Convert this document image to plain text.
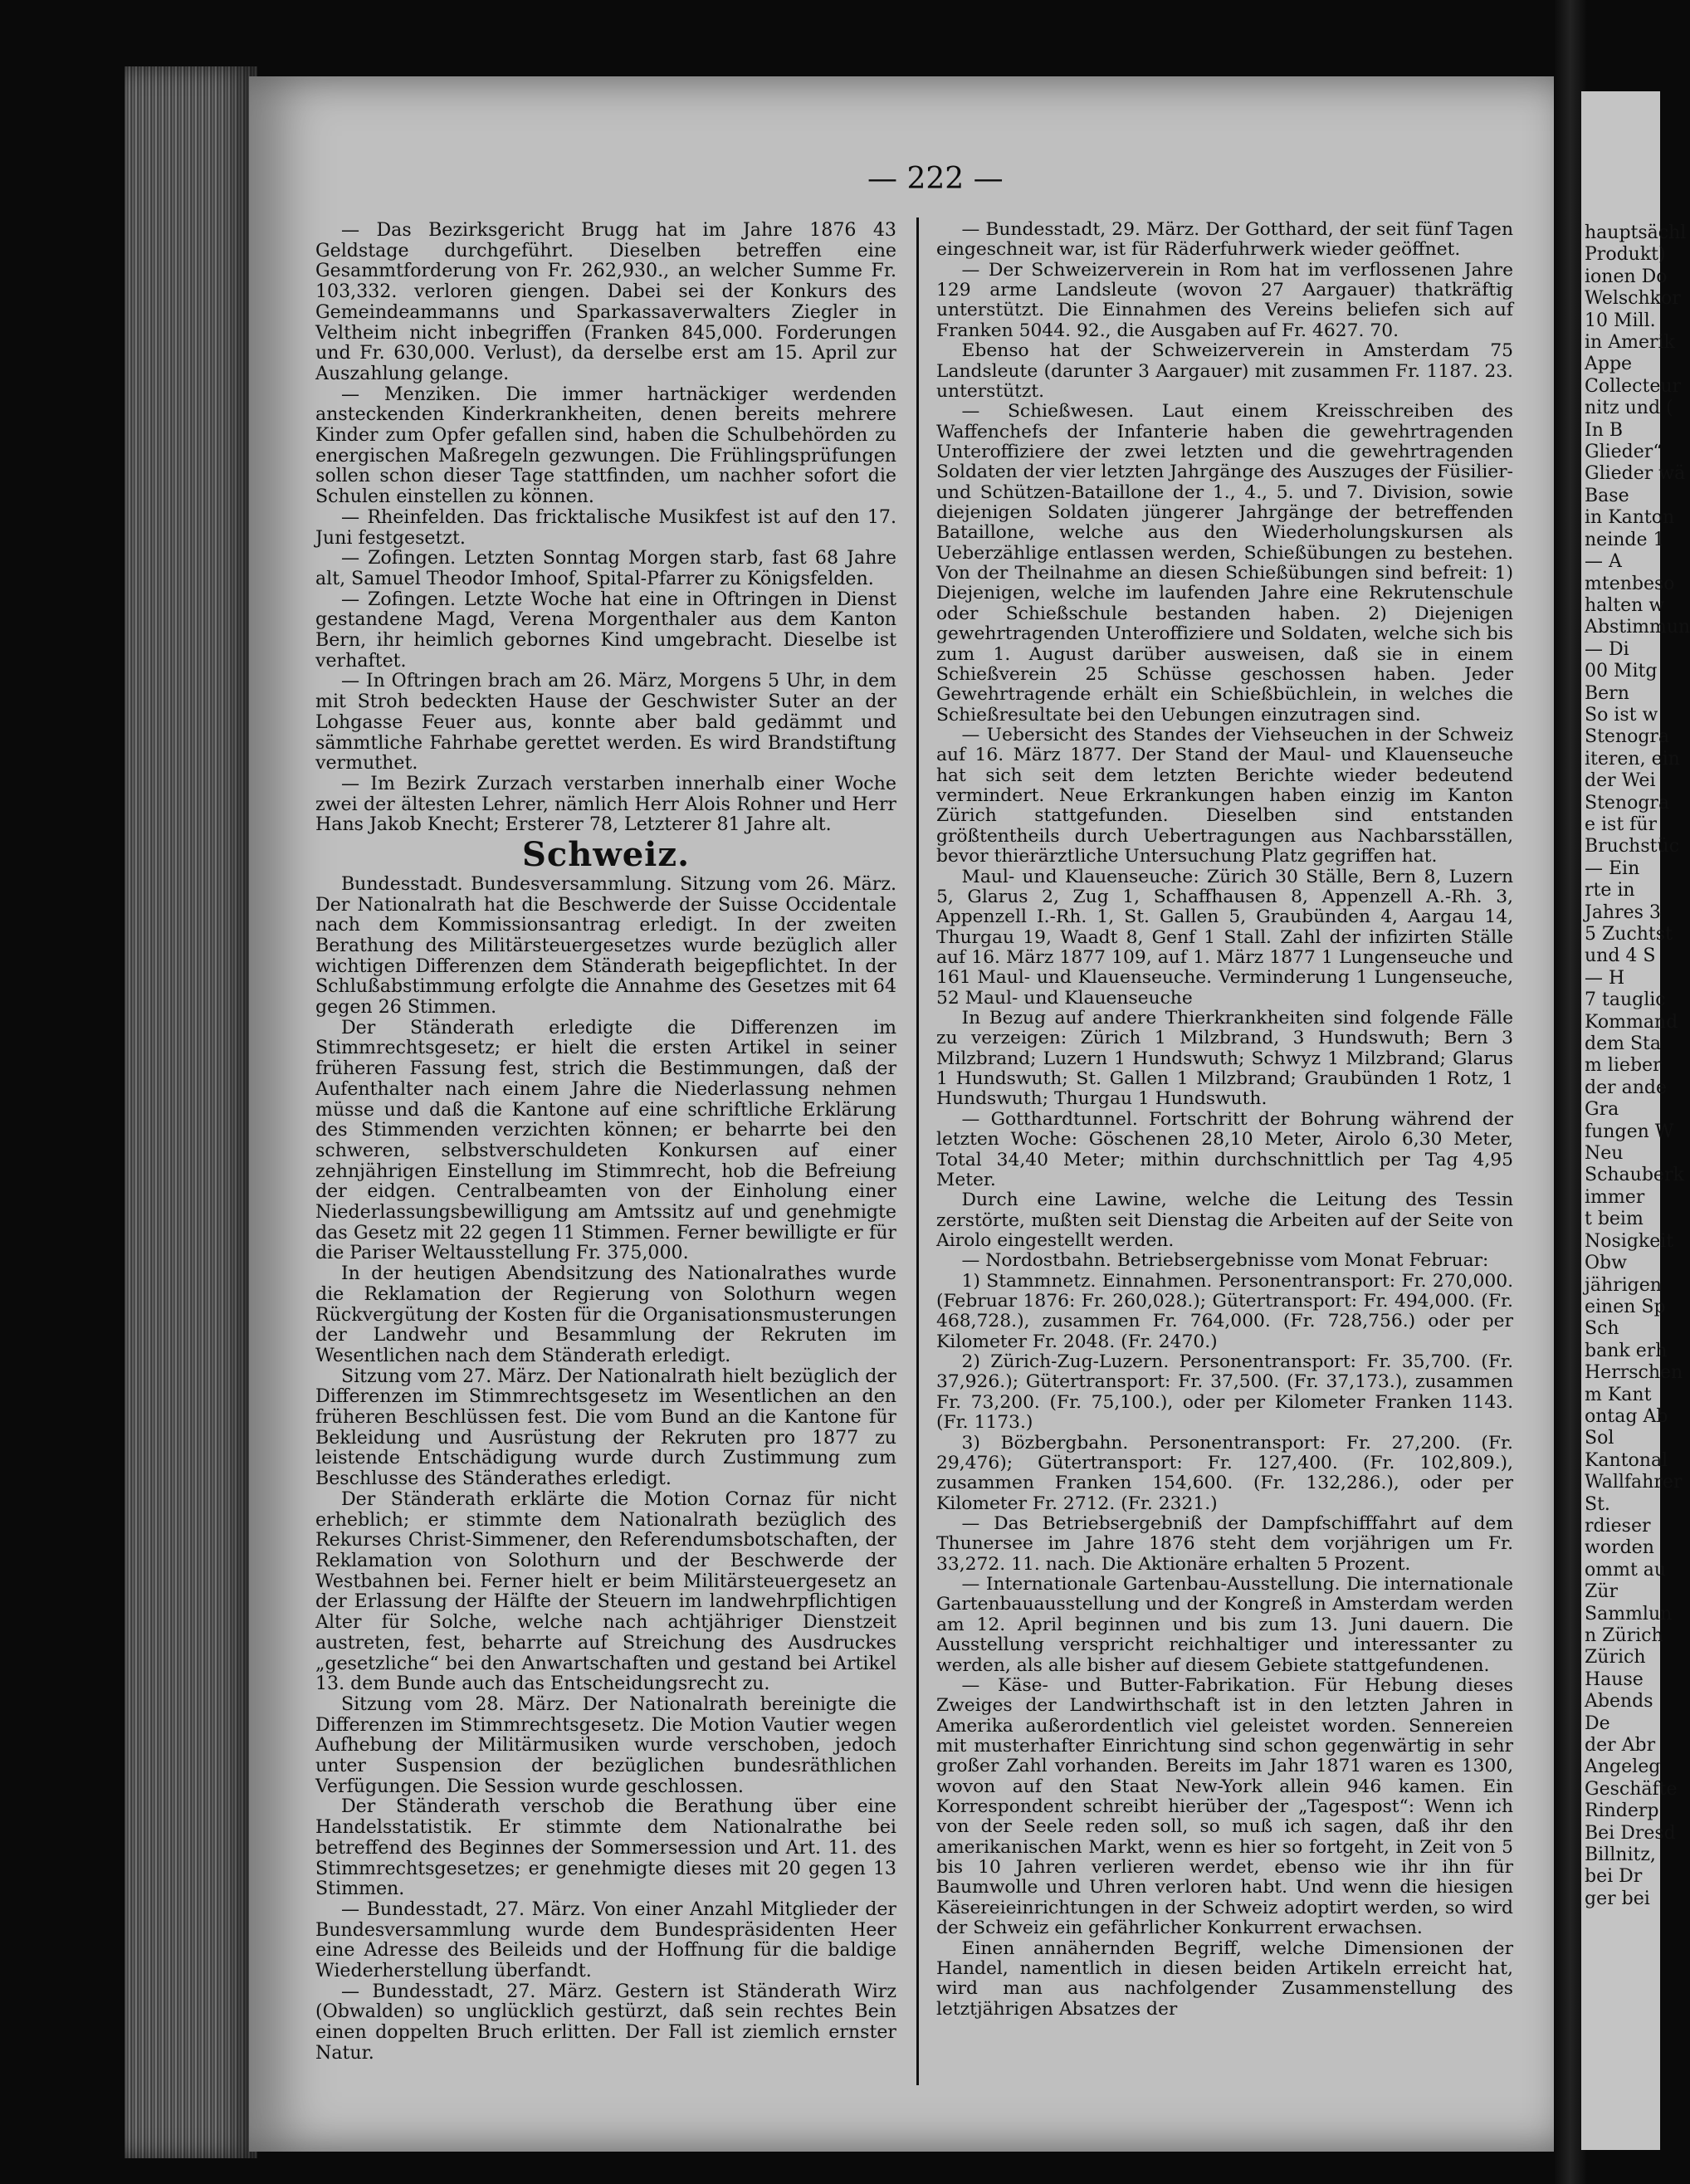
hauptsächl
Produkt)
ionen Do
Welschkor
10 Mill.
in Amerik
Appe
Collecteur
nitz und (
In B
Glieder“
Glieder wä
Base
in Kanton
neinde 1
— A
mtenbeso
halten w
Abstimmun
— Di
00 Mitg
Bern
So ist w
Stenogra
iteren, ein
der Wei
Stenogra
e ist für
Bruchstüc
— Ein
rte in
Jahres 3
5 Zuchtst
und 4 S
— H
7 tauglic
Kommand
dem Sta
m lieber
der ande
Gra
fungen W
Neu
Schauberk
immer
t beim
Nosigkeit
Obw
jährigen
einen Sp
Sch
bank erh
Herrschen
m Kant
ontag Ab
Sol
Kantonal
Wallfahrer
St.
rdieser
worden
ommt au
Zür
Sammlun
n Zürich
Zürich
Hause
Abends
De
der Abr
Angeleg
Geschäfte
Rinderp
Bei Dresd
Billnitz,
bei Dr
ger bei
— 222 —

— Das Bezirksgericht Brugg hat im Jahre 1876 43 Geldstage durchgeführt. Dieselben betreffen eine Gesammtforderung von Fr. 262,930., an welcher Summe Fr. 103,332. verloren giengen. Dabei sei der Konkurs des Gemeindeammanns und Sparkassaverwalters Ziegler in Veltheim nicht inbegriffen (Franken 845,000. Forderungen und Fr. 630,000. Verlust), da derselbe erst am 15. April zur Auszahlung gelange.

— Menziken. Die immer hartnäckiger werdenden ansteckenden Kinderkrankheiten, denen bereits mehrere Kinder zum Opfer gefallen sind, haben die Schulbehörden zu energischen Maßregeln gezwungen. Die Frühlingsprüfungen sollen schon dieser Tage stattfinden, um nachher sofort die Schulen einstellen zu können.

— Rheinfelden. Das fricktalische Musikfest ist auf den 17. Juni festgesetzt.

— Zofingen. Letzten Sonntag Morgen starb, fast 68 Jahre alt, Samuel Theodor Imhoof, Spital-Pfarrer zu Königsfelden.

— Zofingen. Letzte Woche hat eine in Oftringen in Dienst gestandene Magd, Verena Morgenthaler aus dem Kanton Bern, ihr heimlich gebornes Kind umgebracht. Dieselbe ist verhaftet.

— In Oftringen brach am 26. März, Morgens 5 Uhr, in dem mit Stroh bedeckten Hause der Geschwister Suter an der Lohgasse Feuer aus, konnte aber bald gedämmt und sämmtliche Fahrhabe gerettet werden. Es wird Brandstiftung vermuthet.

— Im Bezirk Zurzach verstarben innerhalb einer Woche zwei der ältesten Lehrer, nämlich Herr Alois Rohner und Herr Hans Jakob Knecht; Ersterer 78, Letzterer 81 Jahre alt.

Schweiz.

Bundesstadt. Bundesversammlung. Sitzung vom 26. März. Der Nationalrath hat die Beschwerde der Suisse Occidentale nach dem Kommissionsantrag erledigt. In der zweiten Berathung des Militärsteuergesetzes wurde bezüglich aller wichtigen Differenzen dem Ständerath beigepflichtet. In der Schlußabstimmung erfolgte die Annahme des Gesetzes mit 64 gegen 26 Stimmen.

Der Ständerath erledigte die Differenzen im Stimmrechtsgesetz; er hielt die ersten Artikel in seiner früheren Fassung fest, strich die Bestimmungen, daß der Aufenthalter nach einem Jahre die Niederlassung nehmen müsse und daß die Kantone auf eine schriftliche Erklärung des Stimmenden verzichten können; er beharrte bei den schweren, selbstverschuldeten Konkursen auf einer zehnjährigen Einstellung im Stimmrecht, hob die Befreiung der eidgen. Centralbeamten von der Einholung einer Niederlassungsbewilligung am Amtssitz auf und genehmigte das Gesetz mit 22 gegen 11 Stimmen. Ferner bewilligte er für die Pariser Weltausstellung Fr. 375,000.

In der heutigen Abendsitzung des Nationalrathes wurde die Reklamation der Regierung von Solothurn wegen Rückvergütung der Kosten für die Organisationsmusterungen der Landwehr und Besammlung der Rekruten im Wesentlichen nach dem Ständerath erledigt.

Sitzung vom 27. März. Der Nationalrath hielt bezüglich der Differenzen im Stimmrechtsgesetz im Wesentlichen an den früheren Beschlüssen fest. Die vom Bund an die Kantone für Bekleidung und Ausrüstung der Rekruten pro 1877 zu leistende Entschädigung wurde durch Zustimmung zum Beschlusse des Ständerathes erledigt.

Der Ständerath erklärte die Motion Cornaz für nicht erheblich; er stimmte dem Nationalrath bezüglich des Rekurses Christ-Simmener, den Referendumsbotschaften, der Reklamation von Solothurn und der Beschwerde der Westbahnen bei. Ferner hielt er beim Militärsteuergesetz an der Erlassung der Hälfte der Steuern im landwehrpflichtigen Alter für Solche, welche nach achtjähriger Dienstzeit austreten, fest, beharrte auf Streichung des Ausdruckes „gesetzliche“ bei den Anwartschaften und gestand bei Artikel 13. dem Bunde auch das Entscheidungsrecht zu.

Sitzung vom 28. März. Der Nationalrath bereinigte die Differenzen im Stimmrechtsgesetz. Die Motion Vautier wegen Aufhebung der Militärmusiken wurde verschoben, jedoch unter Suspension der bezüglichen bundesräthlichen Verfügungen. Die Session wurde geschlossen.

Der Ständerath verschob die Berathung über eine Handelsstatistik. Er stimmte dem Nationalrathe bei betreffend des Beginnes der Sommersession und Art. 11. des Stimmrechtsgesetzes; er genehmigte dieses mit 20 gegen 13 Stimmen.

— Bundesstadt, 27. März. Von einer Anzahl Mitglieder der Bundesversammlung wurde dem Bundespräsidenten Heer eine Adresse des Beileids und der Hoffnung für die baldige Wiederherstellung überfandt.

— Bundesstadt, 27. März. Gestern ist Ständerath Wirz (Obwalden) so unglücklich gestürzt, daß sein rechtes Bein einen doppelten Bruch erlitten. Der Fall ist ziemlich ernster Natur.

— Bundesstadt, 29. März. Der Gotthard, der seit fünf Tagen eingeschneit war, ist für Räderfuhrwerk wieder geöffnet.

— Der Schweizerverein in Rom hat im verflossenen Jahre 129 arme Landsleute (wovon 27 Aargauer) thatkräftig unterstützt. Die Einnahmen des Vereins beliefen sich auf Franken 5044. 92., die Ausgaben auf Fr. 4627. 70.

Ebenso hat der Schweizerverein in Amsterdam 75 Landsleute (darunter 3 Aargauer) mit zusammen Fr. 1187. 23. unterstützt.

— Schießwesen. Laut einem Kreisschreiben des Waffenchefs der Infanterie haben die gewehrtragenden Unteroffiziere der zwei letzten und die gewehrtragenden Soldaten der vier letzten Jahrgänge des Auszuges der Füsilier- und Schützen-Bataillone der 1., 4., 5. und 7. Division, sowie diejenigen Soldaten jüngerer Jahrgänge der betreffenden Bataillone, welche aus den Wiederholungskursen als Ueberzählige entlassen werden, Schießübungen zu bestehen. Von der Theilnahme an diesen Schießübungen sind befreit: 1) Diejenigen, welche im laufenden Jahre eine Rekrutenschule oder Schießschule bestanden haben. 2) Diejenigen gewehrtragenden Unteroffiziere und Soldaten, welche sich bis zum 1. August darüber ausweisen, daß sie in einem Schießverein 25 Schüsse geschossen haben. Jeder Gewehrtragende erhält ein Schießbüchlein, in welches die Schießresultate bei den Uebungen einzutragen sind.

— Uebersicht des Standes der Viehseuchen in der Schweiz auf 16. März 1877. Der Stand der Maul- und Klauenseuche hat sich seit dem letzten Berichte wieder bedeutend vermindert. Neue Erkrankungen haben einzig im Kanton Zürich stattgefunden. Dieselben sind entstanden größtentheils durch Uebertragungen aus Nachbarsställen, bevor thierärztliche Untersuchung Platz gegriffen hat.

Maul- und Klauenseuche: Zürich 30 Ställe, Bern 8, Luzern 5, Glarus 2, Zug 1, Schaffhausen 8, Appenzell A.-Rh. 3, Appenzell I.-Rh. 1, St. Gallen 5, Graubünden 4, Aargau 14, Thurgau 19, Waadt 8, Genf 1 Stall. Zahl der infizirten Ställe auf 16. März 1877 109, auf 1. März 1877 1 Lungenseuche und 161 Maul- und Klauenseuche. Verminderung 1 Lungenseuche, 52 Maul- und Klauenseuche

In Bezug auf andere Thierkrankheiten sind folgende Fälle zu verzeigen: Zürich 1 Milzbrand, 3 Hundswuth; Bern 3 Milzbrand; Luzern 1 Hundswuth; Schwyz 1 Milzbrand; Glarus 1 Hundswuth; St. Gallen 1 Milzbrand; Graubünden 1 Rotz, 1 Hundswuth; Thurgau 1 Hundswuth.

— Gotthardtunnel. Fortschritt der Bohrung während der letzten Woche: Göschenen 28,10 Meter, Airolo 6,30 Meter, Total 34,40 Meter; mithin durchschnittlich per Tag 4,95 Meter.

Durch eine Lawine, welche die Leitung des Tessin zerstörte, mußten seit Dienstag die Arbeiten auf der Seite von Airolo eingestellt werden.

— Nordostbahn. Betriebsergebnisse vom Monat Februar:

1) Stammnetz. Einnahmen. Personentransport: Fr. 270,000. (Februar 1876: Fr. 260,028.); Gütertransport: Fr. 494,000. (Fr. 468,728.), zusammen Fr. 764,000. (Fr. 728,756.) oder per Kilometer Fr. 2048. (Fr. 2470.)

2) Zürich-Zug-Luzern. Personentransport: Fr. 35,700. (Fr. 37,926.); Gütertransport: Fr. 37,500. (Fr. 37,173.), zusammen Fr. 73,200. (Fr. 75,100.), oder per Kilometer Franken 1143. (Fr. 1173.)

3) Bözbergbahn. Personentransport: Fr. 27,200. (Fr. 29,476); Gütertransport: Fr. 127,400. (Fr. 102,809.), zusammen Franken 154,600. (Fr. 132,286.), oder per Kilometer Fr. 2712. (Fr. 2321.)

— Das Betriebsergebniß der Dampfschifffahrt auf dem Thunersee im Jahre 1876 steht dem vorjährigen um Fr. 33,272. 11. nach. Die Aktionäre erhalten 5 Prozent.

— Internationale Gartenbau-Ausstellung. Die internationale Gartenbauausstellung und der Kongreß in Amsterdam werden am 12. April beginnen und bis zum 13. Juni dauern. Die Ausstellung verspricht reichhaltiger und interessanter zu werden, als alle bisher auf diesem Gebiete stattgefundenen.

— Käse- und Butter-Fabrikation. Für Hebung dieses Zweiges der Landwirthschaft ist in den letzten Jahren in Amerika außerordentlich viel geleistet worden. Sennereien mit musterhafter Einrichtung sind schon gegenwärtig in sehr großer Zahl vorhanden. Bereits im Jahr 1871 waren es 1300, wovon auf den Staat New-York allein 946 kamen. Ein Korrespondent schreibt hierüber der „Tagespost“: Wenn ich von der Seele reden soll, so muß ich sagen, daß ihr den amerikanischen Markt, wenn es hier so fortgeht, in Zeit von 5 bis 10 Jahren verlieren werdet, ebenso wie ihr ihn für Baumwolle und Uhren verloren habt. Und wenn die hiesigen Käsereieinrichtungen in der Schweiz adoptirt werden, so wird der Schweiz ein gefährlicher Konkurrent erwachsen.

Einen annähernden Begriff, welche Dimensionen der Handel, namentlich in diesen beiden Artikeln erreicht hat, wird man aus nachfolgender Zusammenstellung des letztjährigen Absatzes der
